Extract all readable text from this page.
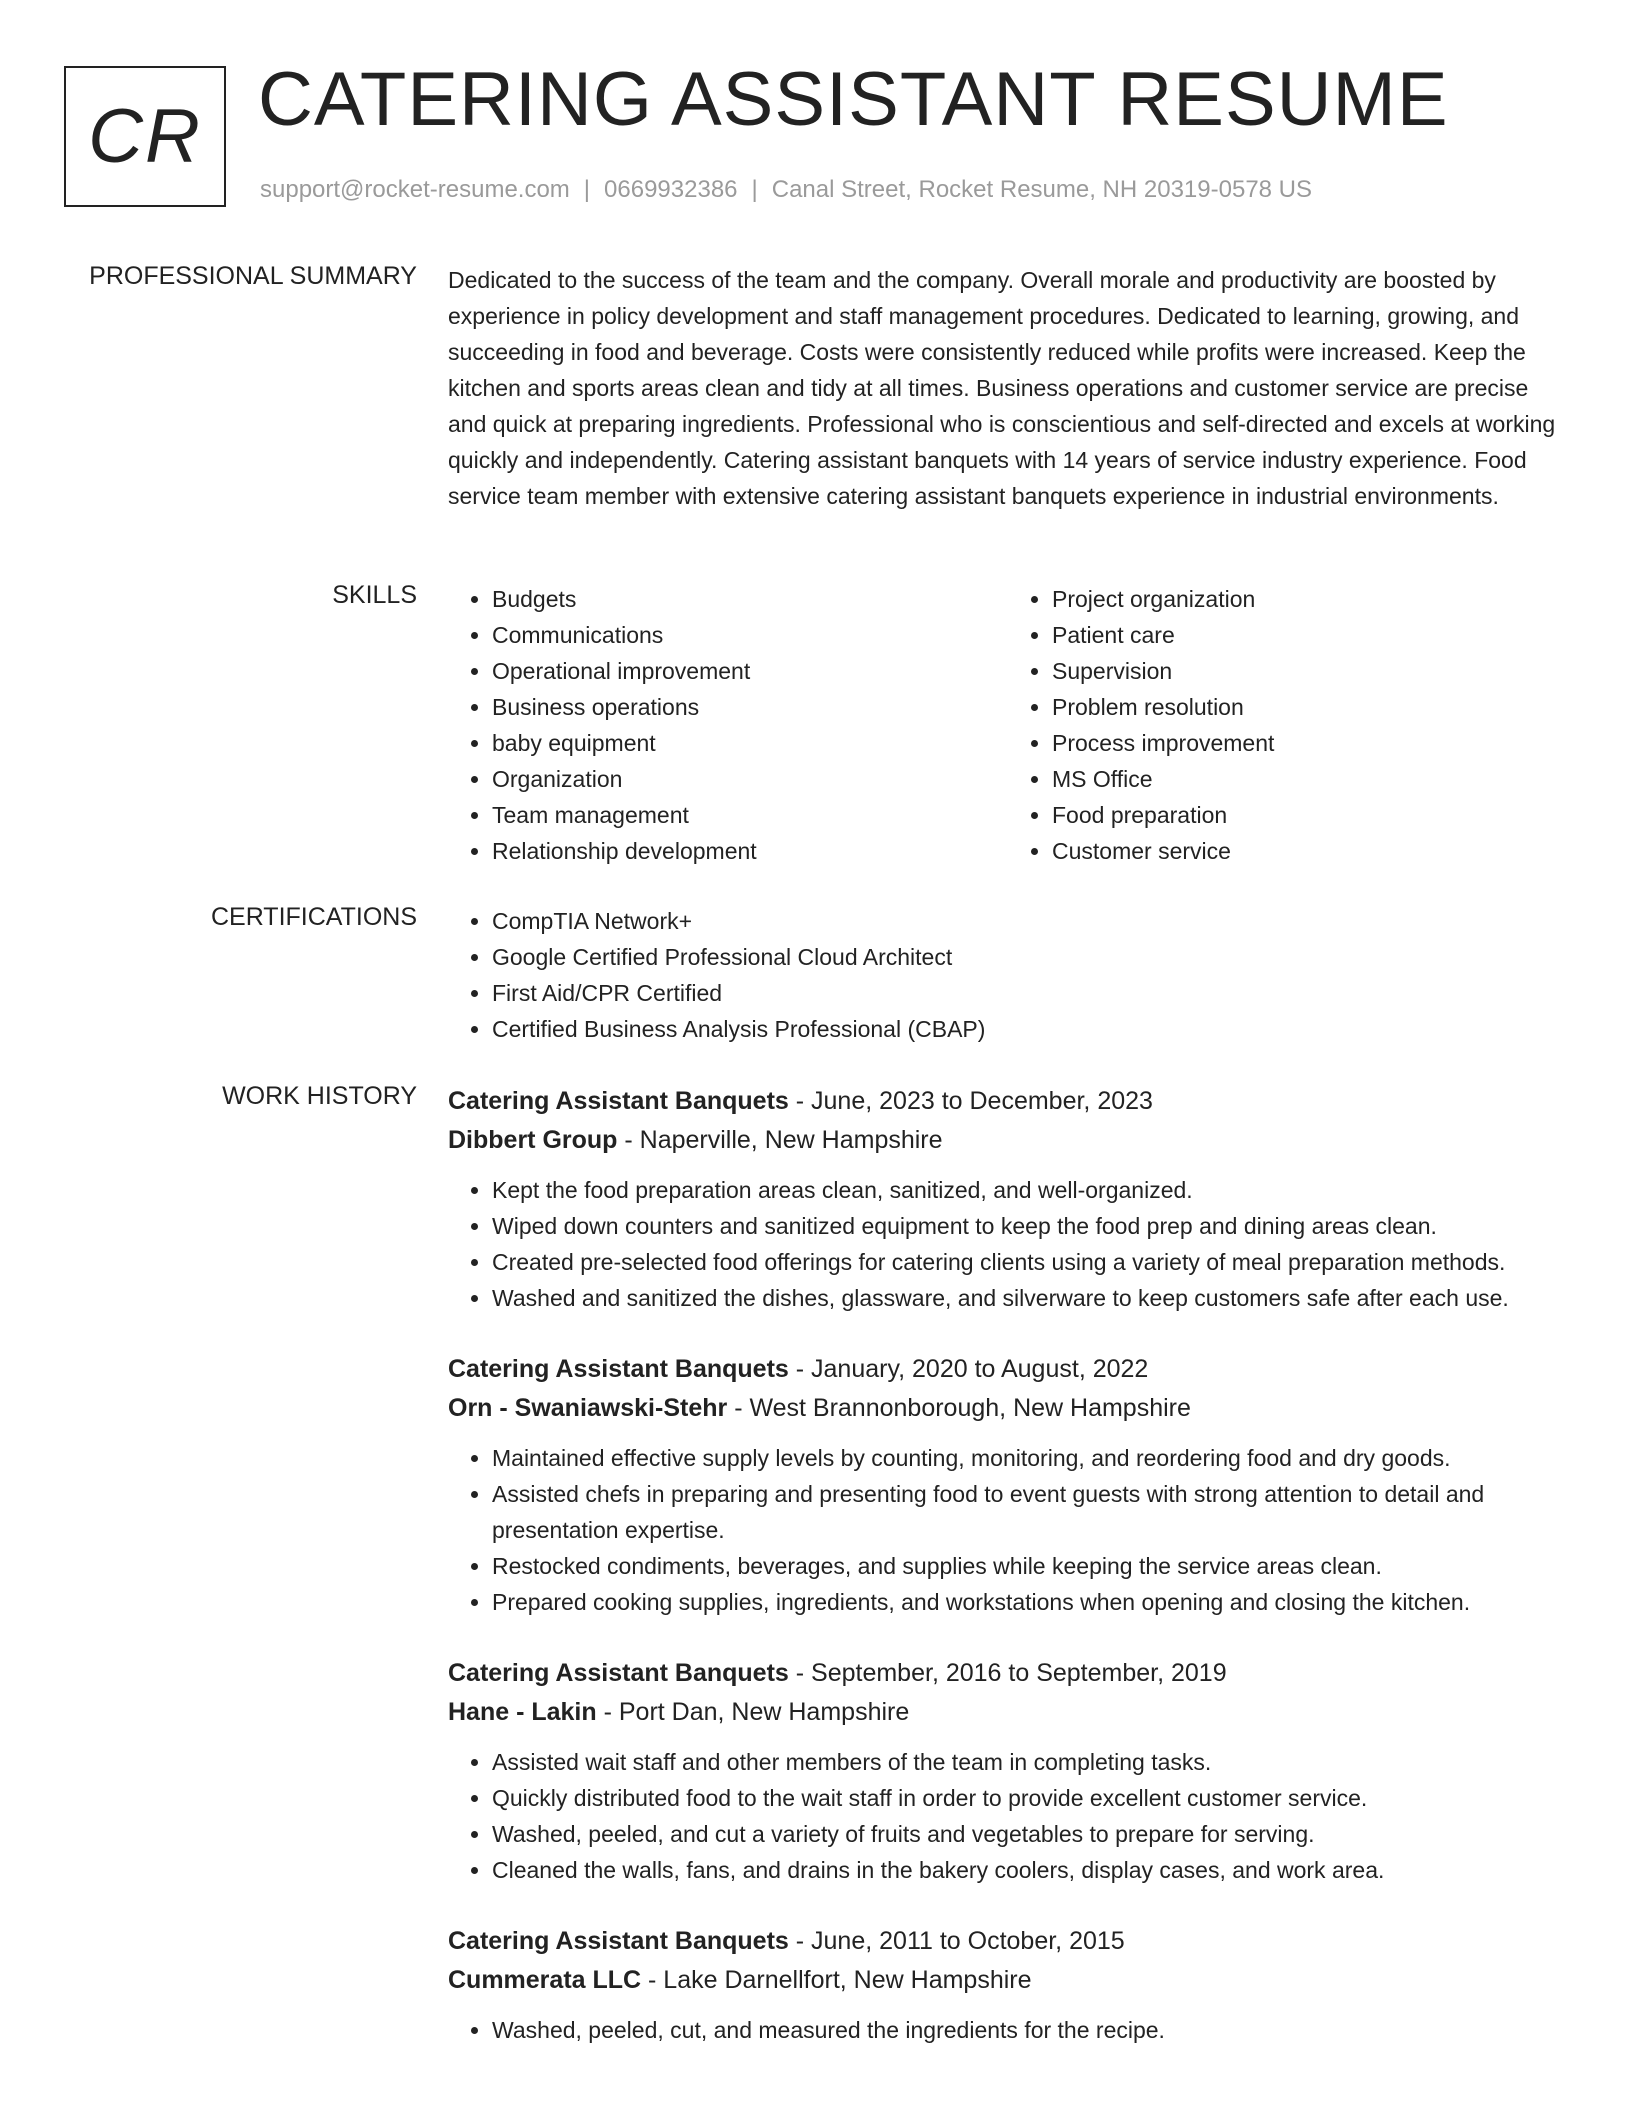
CR CATERING ASSISTANT RESUME
support@rocket-resume.com | 0669932386 | Canal Street, Rocket Resume, NH 20319-0578 US
PROFESSIONAL SUMMARY Dedicated to the success of the team and the company. Overall morale and productivity are boosted by experience in policy development and staff management procedures. Dedicated to learning, growing, and succeeding in food and beverage. Costs were consistently reduced while profits were increased. Keep the kitchen and sports areas clean and tidy at all times. Business operations and customer service are precise and quick at preparing ingredients. Professional who is conscientious and self-directed and excels at working quickly and independently. Catering assistant banquets with 14 years of service industry experience. Food service team member with extensive catering assistant banquets experience in industrial environments.

SKILLS	• Budgets
• Communications
• Operational improvement
• Business operations
• baby equipment
• Organization
• Team management
• Relationship development
• Project organization
• Patient care
• Supervision
• Problem resolution
• Process improvement
• MS Office
• Food preparation
• Customer service
CERTIFICATIONS	• CompTIA Network+
• Google Certified Professional Cloud Architect
• First Aid/CPR Certified
• Certified Business Analysis Professional (CBAP)
WORK HISTORY Catering Assistant Banquets - June, 2023 to December, 2023
Dibbert Group - Naperville, New Hampshire
• Kept the food preparation areas clean, sanitized, and well-organized.
• Wiped down counters and sanitized equipment to keep the food prep and dining areas clean.
• Created pre-selected food offerings for catering clients using a variety of meal preparation methods.
• Washed and sanitized the dishes, glassware, and silverware to keep customers safe after each use.
Catering Assistant Banquets - January, 2020 to August, 2022
Orn - Swaniawski-Stehr - West Brannonborough, New Hampshire
• Maintained effective supply levels by counting, monitoring, and reordering food and dry goods.
• Assisted chefs in preparing and presenting food to event guests with strong attention to detail and presentation expertise.
• Restocked condiments, beverages, and supplies while keeping the service areas clean.
• Prepared cooking supplies, ingredients, and workstations when opening and closing the kitchen.
Catering Assistant Banquets - September, 2016 to September, 2019
Hane - Lakin - Port Dan, New Hampshire
• Assisted wait staff and other members of the team in completing tasks.
• Quickly distributed food to the wait staff in order to provide excellent customer service.
• Washed, peeled, and cut a variety of fruits and vegetables to prepare for serving.
• Cleaned the walls, fans, and drains in the bakery coolers, display cases, and work area.
Catering Assistant Banquets - June, 2011 to October, 2015
Cummerata LLC - Lake Darnellfort, New Hampshire
• Washed, peeled, cut, and measured the ingredients for the recipe.
